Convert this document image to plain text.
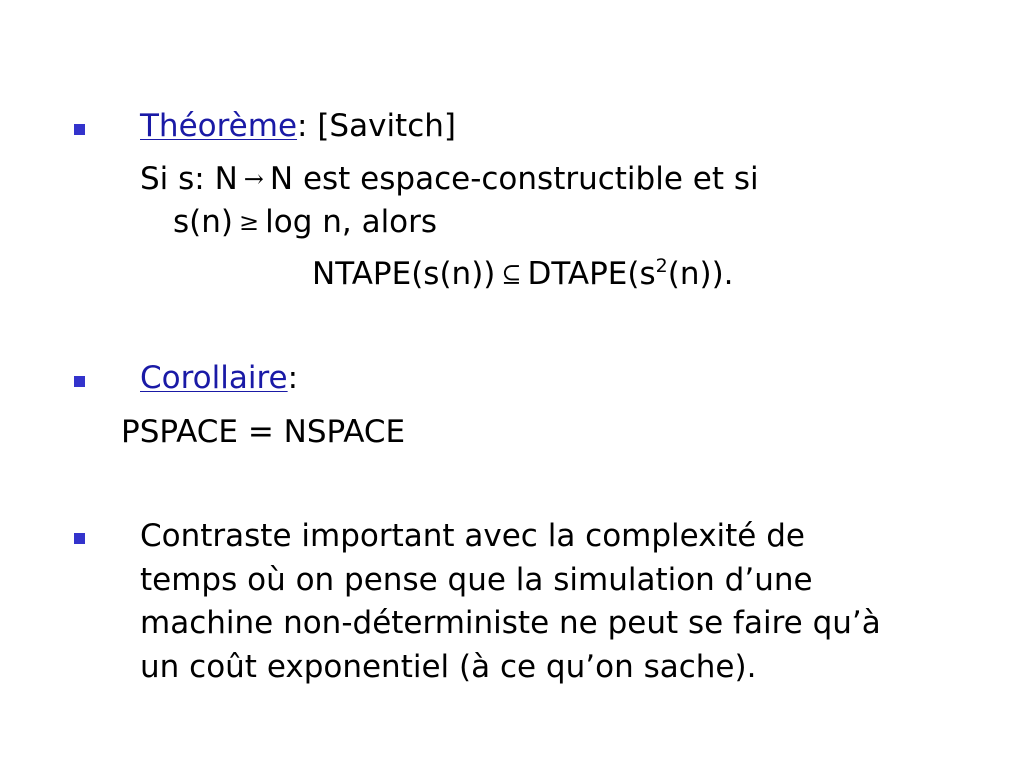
Théorème: [Savitch]
Si s: N → N est espace-constructible et si
s(n) ≥ log n, alors
NTAPE(s(n)) ⊆ $DTAPE(s^2(n))$.
Corollaire:
PSPACE = NSPACE
Contraste important avec la complexité de
temps où on pense que la simulation d’une
machine non-déterministe ne peut se faire qu’à
un coût exponentiel (à ce qu’on sache).
